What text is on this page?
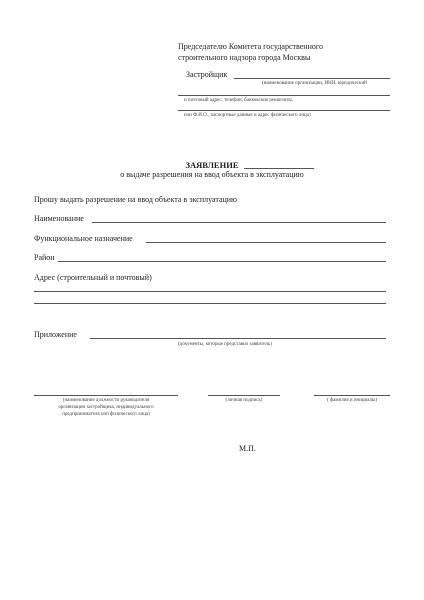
Председателю Комитета государственного
строительного надзора города Москвы
Застройщик
(наименование организации, ИНН, юридический
и почтовый адрес, телефон, банковские реквизиты,
или Ф.И.О., паспортные данные и адрес физического лица)
ЗАЯВЛЕНИЕ
о выдаче разрешения на ввод объекта в эксплуатацию
Прошу выдать разрешение на ввод объекта в эксплуатацию
Наименование
Функциональное назначение
Район
Адрес (строительный и почтовый)
Приложение
(документы, которые представил заявитель)
(наименование должности руководителя
организации застройщика, индивидуального
предпринимателя или физического лица)
(личная подпись)	( фамилия и инициалы)
М.П.
